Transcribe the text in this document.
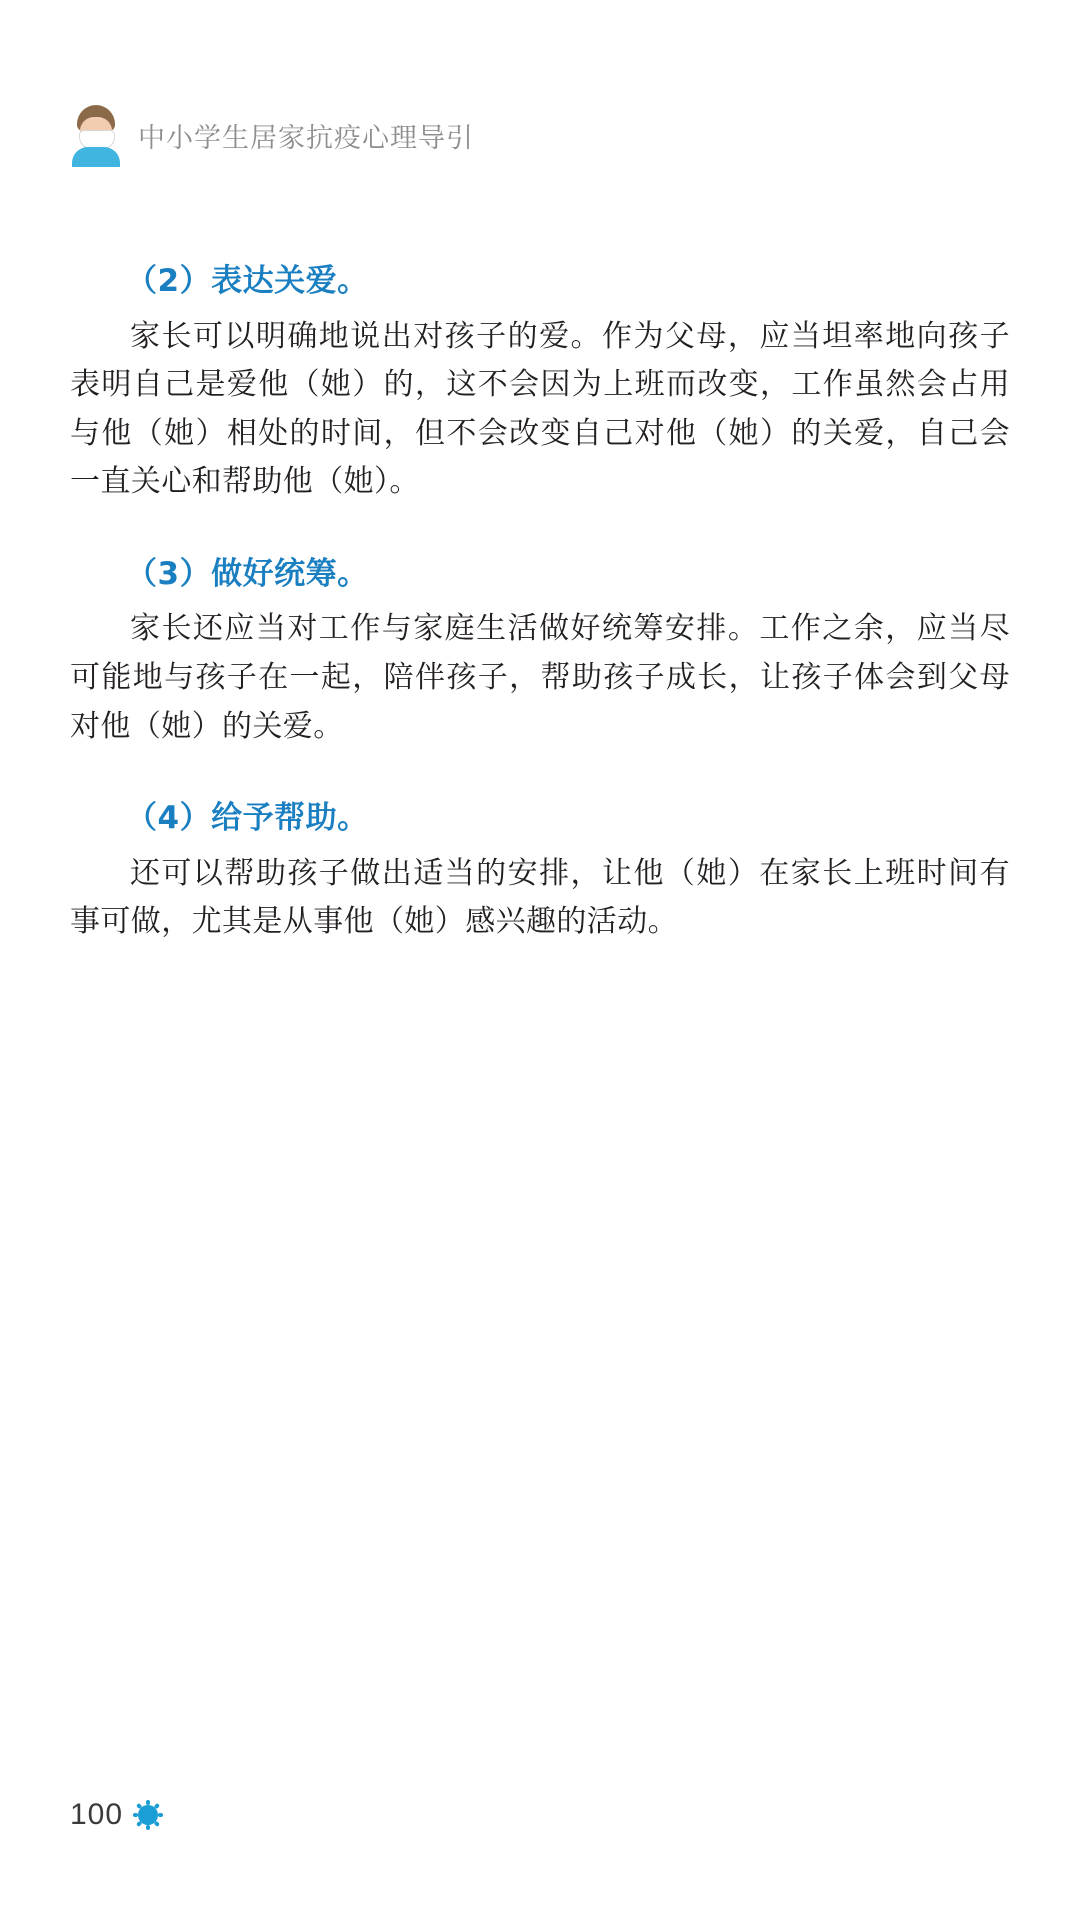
中小学生居家抗疫心理导引
（2）表达关爱。
家长可以明确地说出对孩子的爱。作为父母，应当坦率地向孩子表明自己是爱他（她）的，这不会因为上班而改变，工作虽然会占用与他（她）相处的时间，但不会改变自己对他（她）的关爱，自己会一直关心和帮助他（她）。
（3）做好统筹。
家长还应当对工作与家庭生活做好统筹安排。工作之余，应当尽可能地与孩子在一起，陪伴孩子，帮助孩子成长，让孩子体会到父母对他（她）的关爱。
（4）给予帮助。
还可以帮助孩子做出适当的安排，让他（她）在家长上班时间有事可做，尤其是从事他（她）感兴趣的活动。
100
